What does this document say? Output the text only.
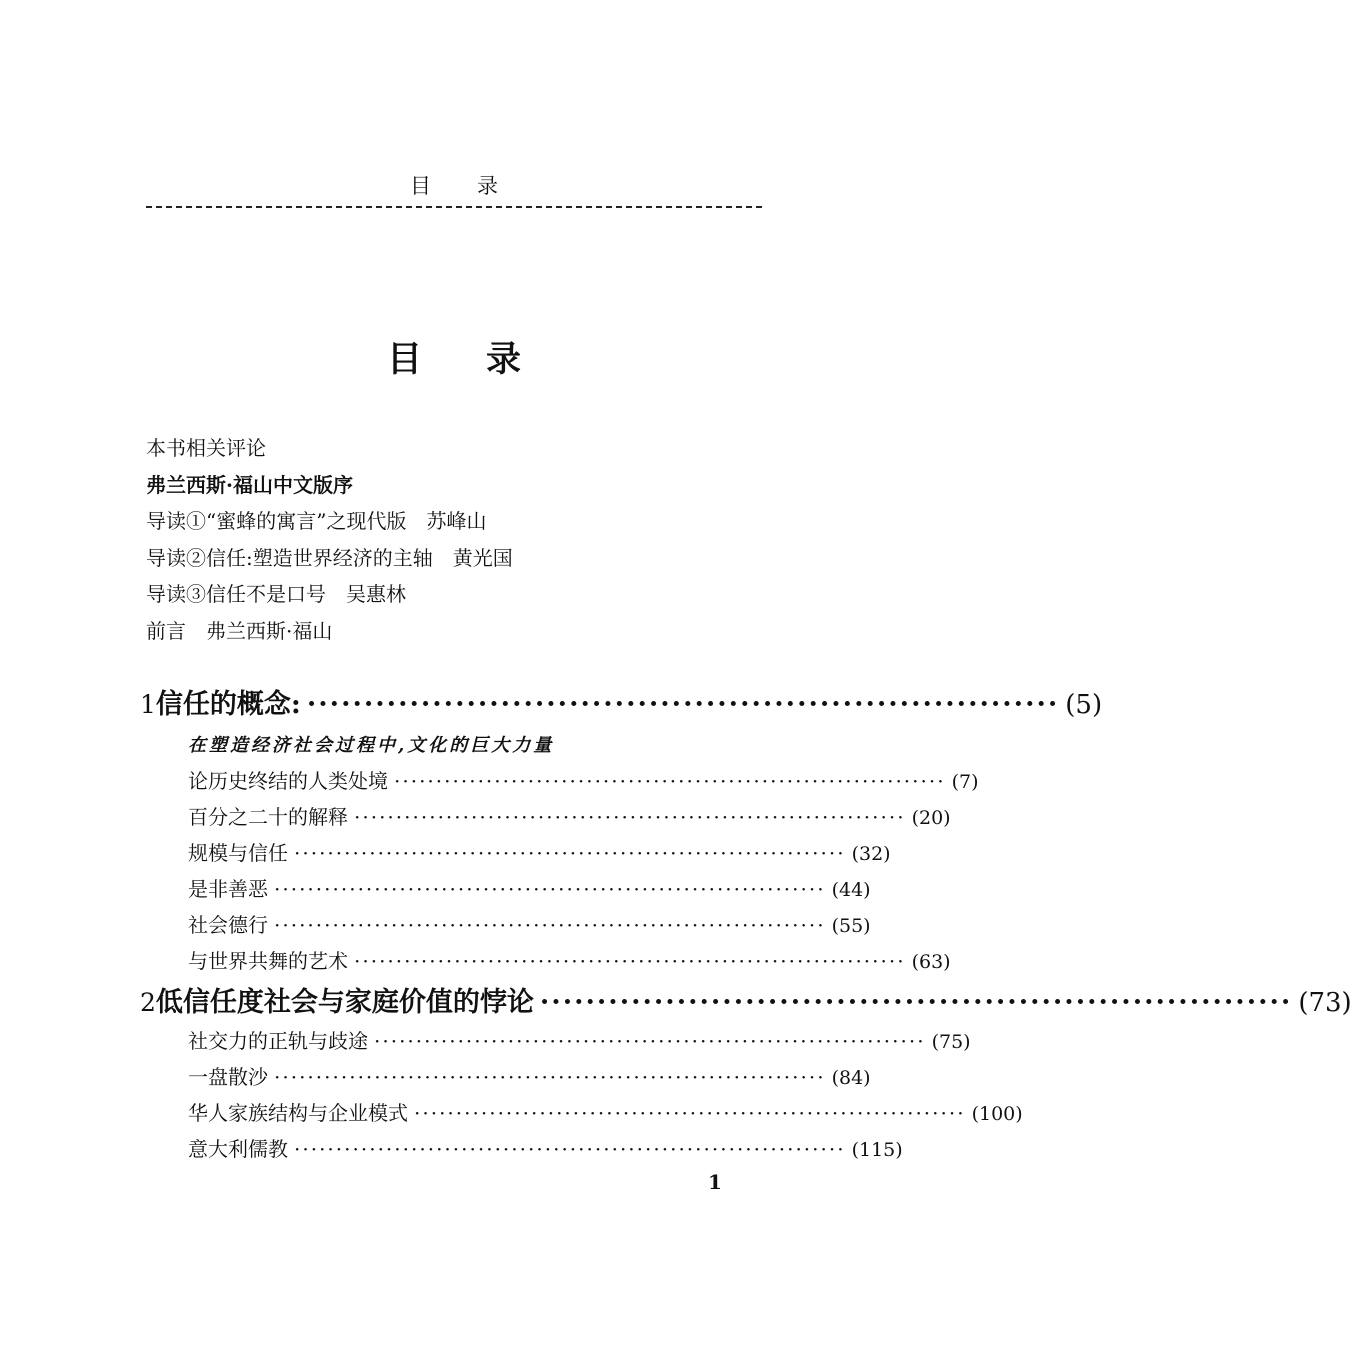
目录
目录
本书相关评论
弗兰西斯·福山中文版序
导读①“蜜蜂的寓言”之现代版　苏峰山
导读②信任:塑造世界经济的主轴　黄光国
导读③信任不是口号　吴惠林
前言　弗兰西斯·福山
1 信任的概念: ·································································· (5)
在塑造经济社会过程中,文化的巨大力量
论历史终结的人类处境 ·································································· (7)
百分之二十的解释 ·································································· (20)
规模与信任 ·································································· (32)
是非善恶 ·································································· (44)
社会德行 ·································································· (55)
与世界共舞的艺术 ·································································· (63)
2 低信任度社会与家庭价值的悖论 ·································································· (73)
社交力的正轨与歧途 ·································································· (75)
一盘散沙 ·································································· (84)
华人家族结构与企业模式 ·································································· (100)
意大利儒教 ·································································· (115)
1
